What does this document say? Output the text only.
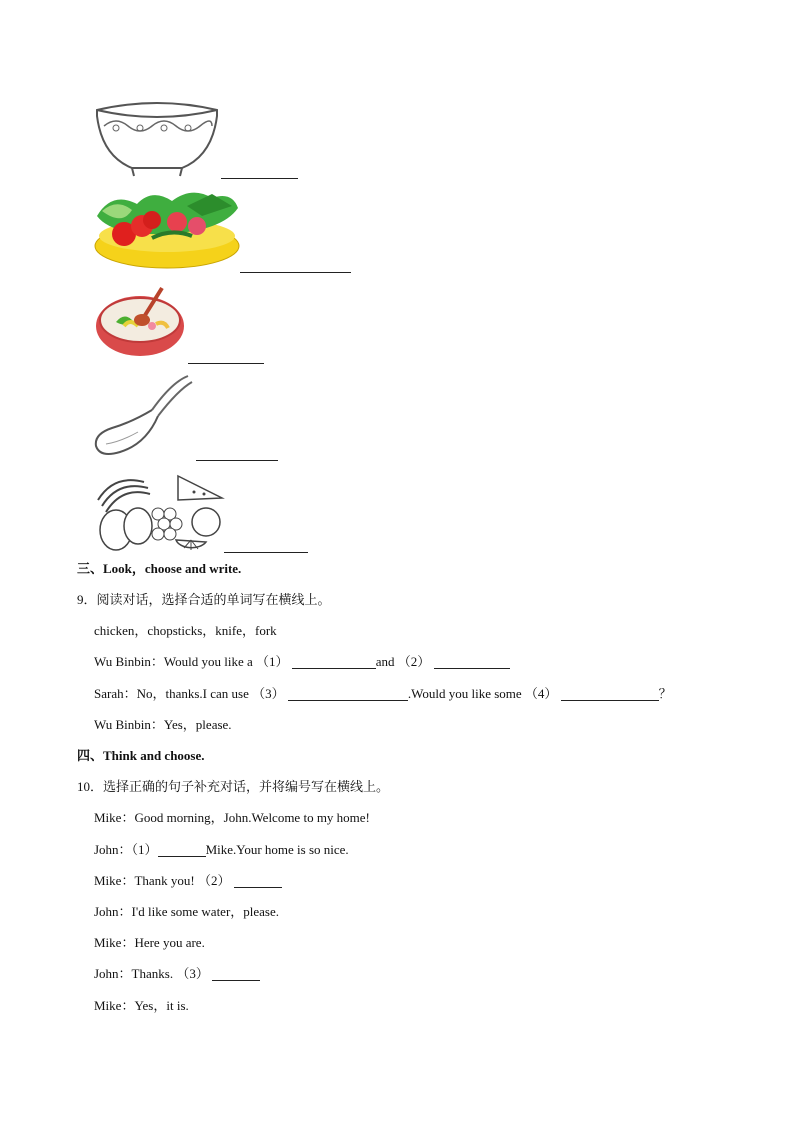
三、Look，choose and write.
9．阅读对话，选择合适的单词写在横线上。
chicken，chopsticks，knife，fork
Wu Binbin：Would you like a （1）	and （2）
Sarah：No，thanks.I can use （3）	.Would you like some （4）	？
Wu Binbin：Yes，please.
四、Think and choose.
10．选择正确的句子补充对话，并将编号写在横线上。
Mike：Good morning，John.Welcome to my home!
John：（1）	Mike.Your home is so nice.
Mike：Thank you! （2）
John：I'd like some water，please.
Mike：Here you are.
John：Thanks. （3）
Mike：Yes，it is.
